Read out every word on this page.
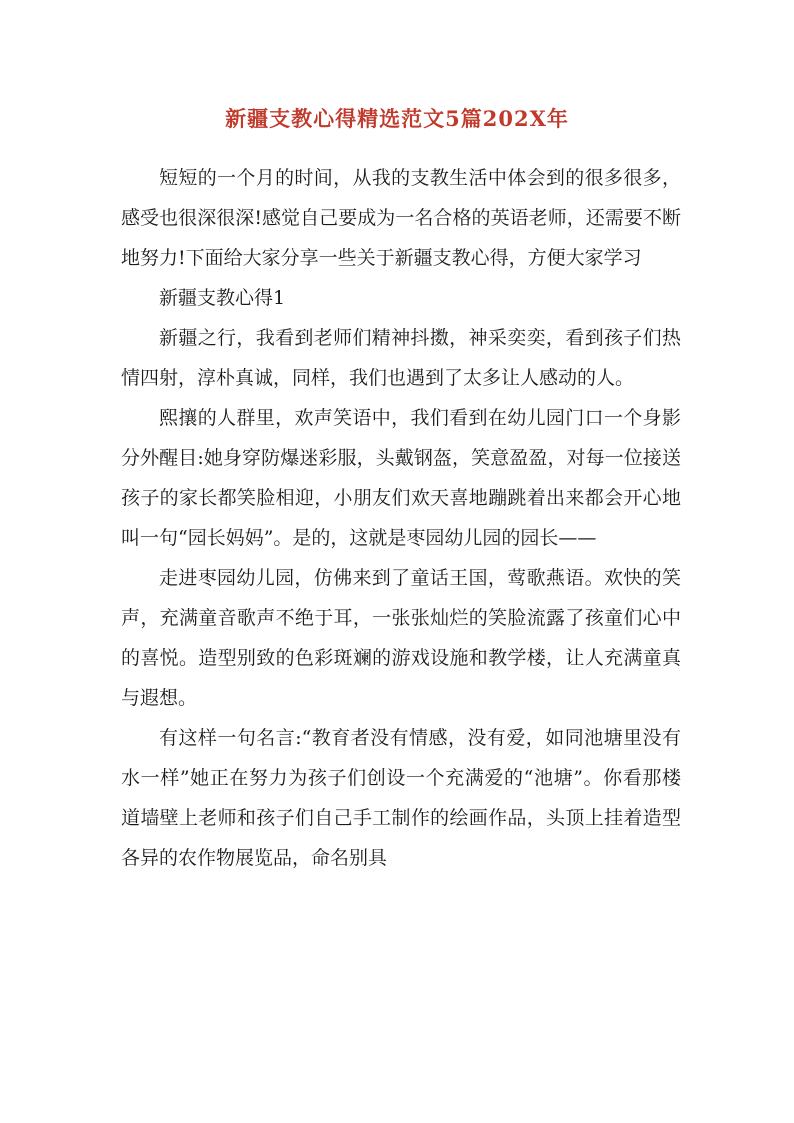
新疆支教心得精选范文5篇202X年

短短的一个月的时间，从我的支教生活中体会到的很多很多，感受也很深很深!感觉自己要成为一名合格的英语老师，还需要不断地努力!下面给大家分享一些关于新疆支教心得，方便大家学习

新疆支教心得1

新疆之行，我看到老师们精神抖擞，神采奕奕，看到孩子们热情四射，淳朴真诚，同样，我们也遇到了太多让人感动的人。

熙攘的人群里，欢声笑语中，我们看到在幼儿园门口一个身影分外醒目:她身穿防爆迷彩服，头戴钢盔，笑意盈盈，对每一位接送孩子的家长都笑脸相迎，小朋友们欢天喜地蹦跳着出来都会开心地叫一句“园长妈妈”。是的，这就是枣园幼儿园的园长——

走进枣园幼儿园，仿佛来到了童话王国，莺歌燕语。欢快的笑声，充满童音歌声不绝于耳，一张张灿烂的笑脸流露了孩童们心中的喜悦。造型别致的色彩斑斓的游戏设施和教学楼，让人充满童真与遐想。

有这样一句名言:“教育者没有情感，没有爱，如同池塘里没有水一样”她正在努力为孩子们创设一个充满爱的“池塘”。你看那楼道墙壁上老师和孩子们自己手工制作的绘画作品，头顶上挂着造型各异的农作物展览品，命名别具
